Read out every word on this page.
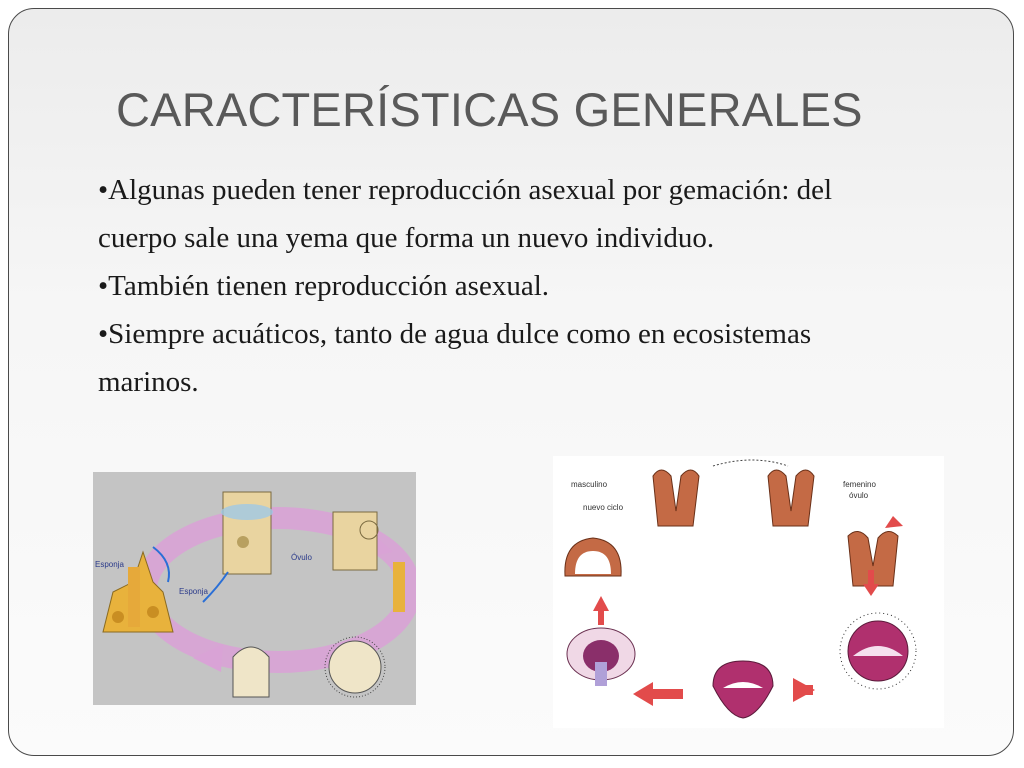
CARACTERÍSTICAS GENERALES

•Algunas pueden tener reproducción asexual por gemación: del cuerpo sale una yema que forma un nuevo individuo.

•También tienen reproducción asexual.

•Siempre acuáticos, tanto de agua dulce como en ecosistemas marinos.

Esponja
Esponja
Óvulo
masculino
nuevo ciclo
femenino
óvulo
